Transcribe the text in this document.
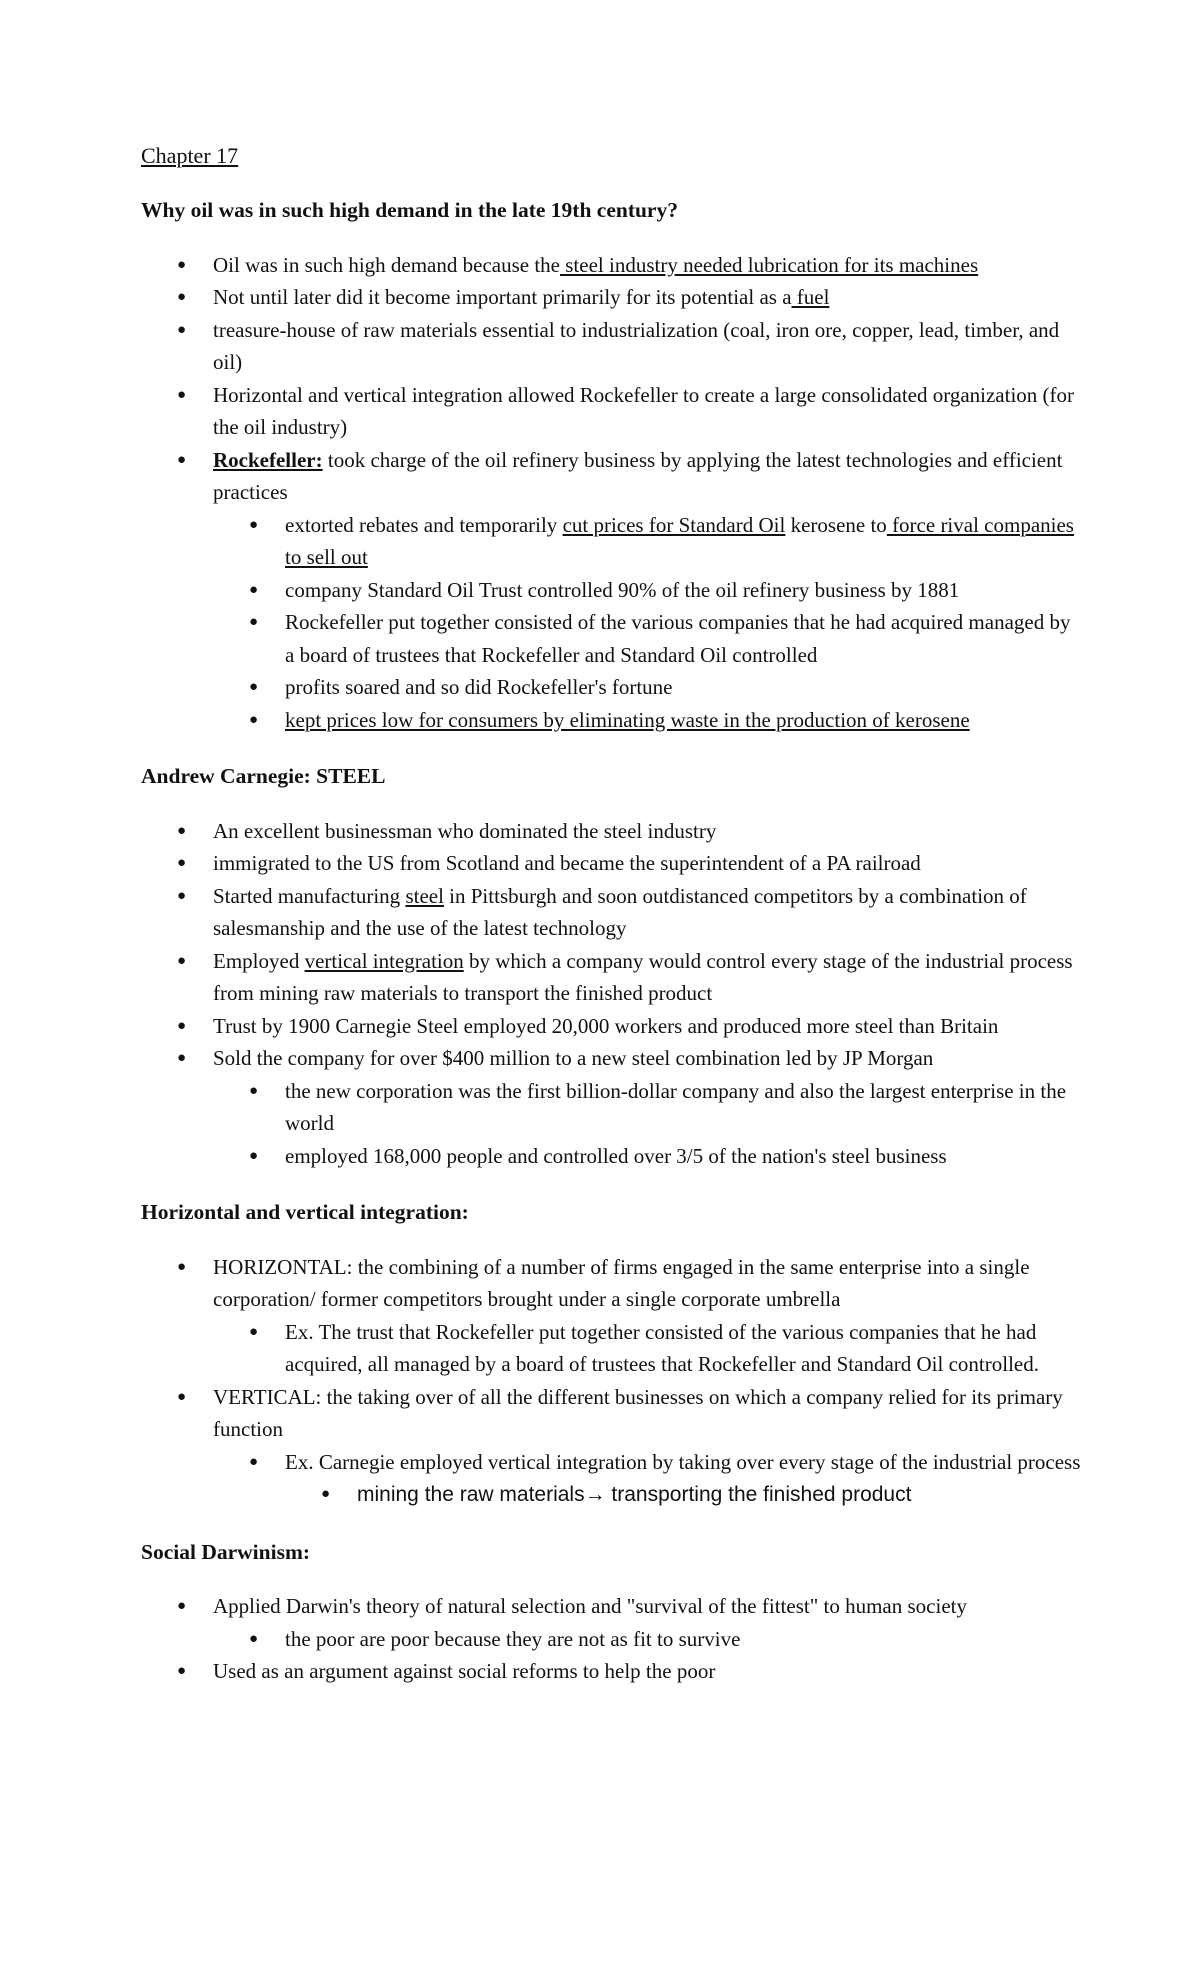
Chapter 17

Why oil was in such high demand in the late 19th century?

● Oil was in such high demand because the steel industry needed lubrication for its machines
● Not until later did it become important primarily for its potential as a fuel
● treasure-house of raw materials essential to industrialization (coal, iron ore, copper, lead, timber, and oil)
● Horizontal and vertical integration allowed Rockefeller to create a large consolidated organization (for the oil industry)
● Rockefeller: took charge of the oil refinery business by applying the latest technologies and efficient practices
● extorted rebates and temporarily cut prices for Standard Oil kerosene to force rival companies to sell out
● company Standard Oil Trust controlled 90% of the oil refinery business by 1881
● Rockefeller put together consisted of the various companies that he had acquired managed by a board of trustees that Rockefeller and Standard Oil controlled
● profits soared and so did Rockefeller's fortune
● kept prices low for consumers by eliminating waste in the production of kerosene

Andrew Carnegie: STEEL

● An excellent businessman who dominated the steel industry
● immigrated to the US from Scotland and became the superintendent of a PA railroad
● Started manufacturing steel in Pittsburgh and soon outdistanced competitors by a combination of salesmanship and the use of the latest technology
● Employed vertical integration by which a company would control every stage of the industrial process from mining raw materials to transport the finished product
● Trust by 1900 Carnegie Steel employed 20,000 workers and produced more steel than Britain
● Sold the company for over $400 million to a new steel combination led by JP Morgan
● the new corporation was the first billion-dollar company and also the largest enterprise in the world
● employed 168,000 people and controlled over 3/5 of the nation's steel business

Horizontal and vertical integration:

● HORIZONTAL: the combining of a number of firms engaged in the same enterprise into a single corporation/ former competitors brought under a single corporate umbrella
● Ex. The trust that Rockefeller put together consisted of the various companies that he had acquired, all managed by a board of trustees that Rockefeller and Standard Oil controlled.
● VERTICAL: the taking over of all the different businesses on which a company relied for its primary function
● Ex. Carnegie employed vertical integration by taking over every stage of the industrial process
● mining the raw materials→ transporting the finished product

Social Darwinism:

● Applied Darwin's theory of natural selection and "survival of the fittest" to human society
● the poor are poor because they are not as fit to survive
● Used as an argument against social reforms to help the poor
